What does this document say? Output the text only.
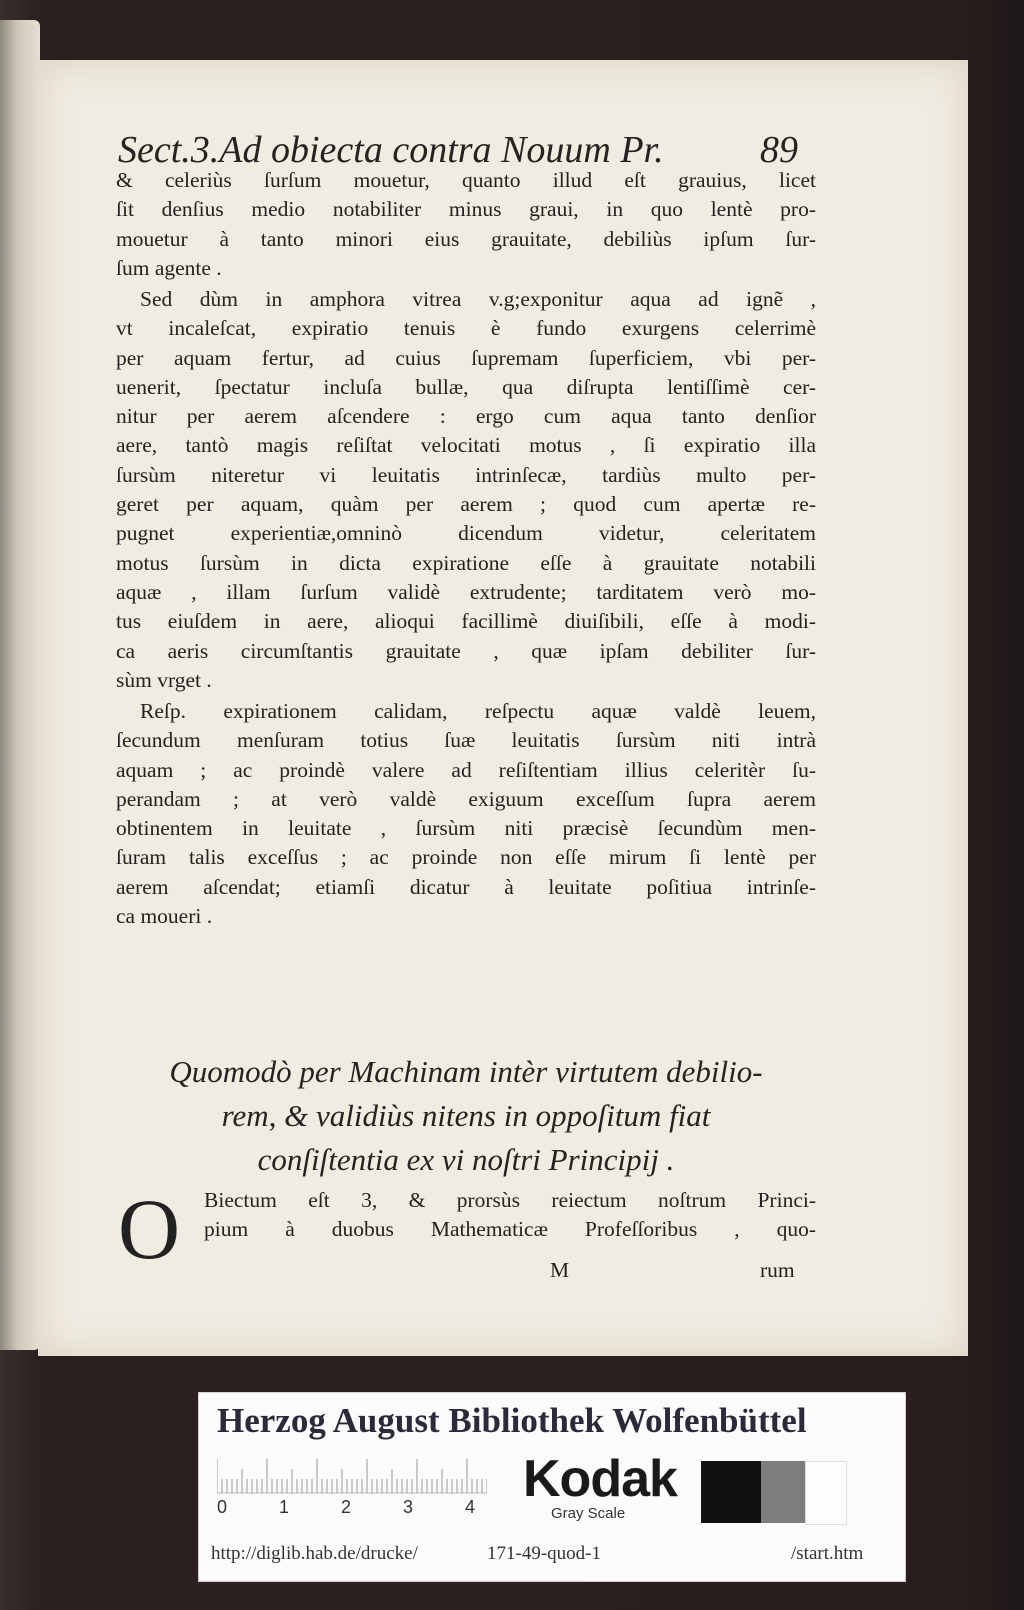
Sect.3.Ad obiecta contra Nouum Pr.	89
& celeriùs ſurſum mouetur, quanto illud eſt grauius, licet
ſit denſius medio notabiliter minus graui, in quo lentè pro-
mouetur à tanto minori eius grauitate, debiliùs ipſum ſur-
ſum agente .
Sed dùm in amphora vitrea v.g;exponitur aqua ad ignẽ ,
vt incaleſcat, expiratio tenuis è fundo exurgens celerrimè
per aquam fertur, ad cuius ſupremam ſuperficiem, vbi per-
uenerit, ſpectatur incluſa bullæ, qua diſrupta lentiſſimè cer-
nitur per aerem aſcendere : ergo cum aqua tanto denſior
aere, tantò magis reſiſtat velocitati motus , ſi expiratio illa
ſursùm niteretur vi leuitatis intrinſecæ, tardiùs multo per-
geret per aquam, quàm per aerem ; quod cum apertæ re-
pugnet experientiæ,omninò dicendum videtur, celeritatem
motus ſursùm in dicta expiratione eſſe à grauitate notabili
aquæ , illam ſurſum validè extrudente; tarditatem verò mo-
tus eiuſdem in aere, alioqui facillimè diuiſibili, eſſe à modi-
ca aeris circumſtantis grauitate , quæ ipſam debiliter ſur-
sùm vrget .
Reſp. expirationem calidam, reſpectu aquæ valdè leuem,
ſecundum menſuram totius ſuæ leuitatis ſursùm niti intrà
aquam ; ac proindè valere ad reſiſtentiam illius celeritèr ſu-
perandam ; at verò valdè exiguum exceſſum ſupra aerem
obtinentem in leuitate , ſursùm niti præcisè ſecundùm men-
ſuram talis exceſſus ; ac proinde non eſſe mirum ſi lentè per
aerem aſcendat; etiamſi dicatur à leuitate poſitiua intrinſe-
ca moueri .
Quomodò per Machinam intèr virtutem debilio-
rem, & validiùs nitens in oppoſitum fiat
conſiſtentia ex vi noſtri Principij .
O Biectum eſt 3, & prorsùs reiectum noſtrum Princi-
pium à duobus Mathematicæ Profeſſoribus , quo-
M	rum
Herzog August Bibliothek Wolfenbüttel
0	1	2	3	4 Kodak
Gray Scale
http://diglib.hab.de/drucke/	171-49-quod-1	/start.htm
